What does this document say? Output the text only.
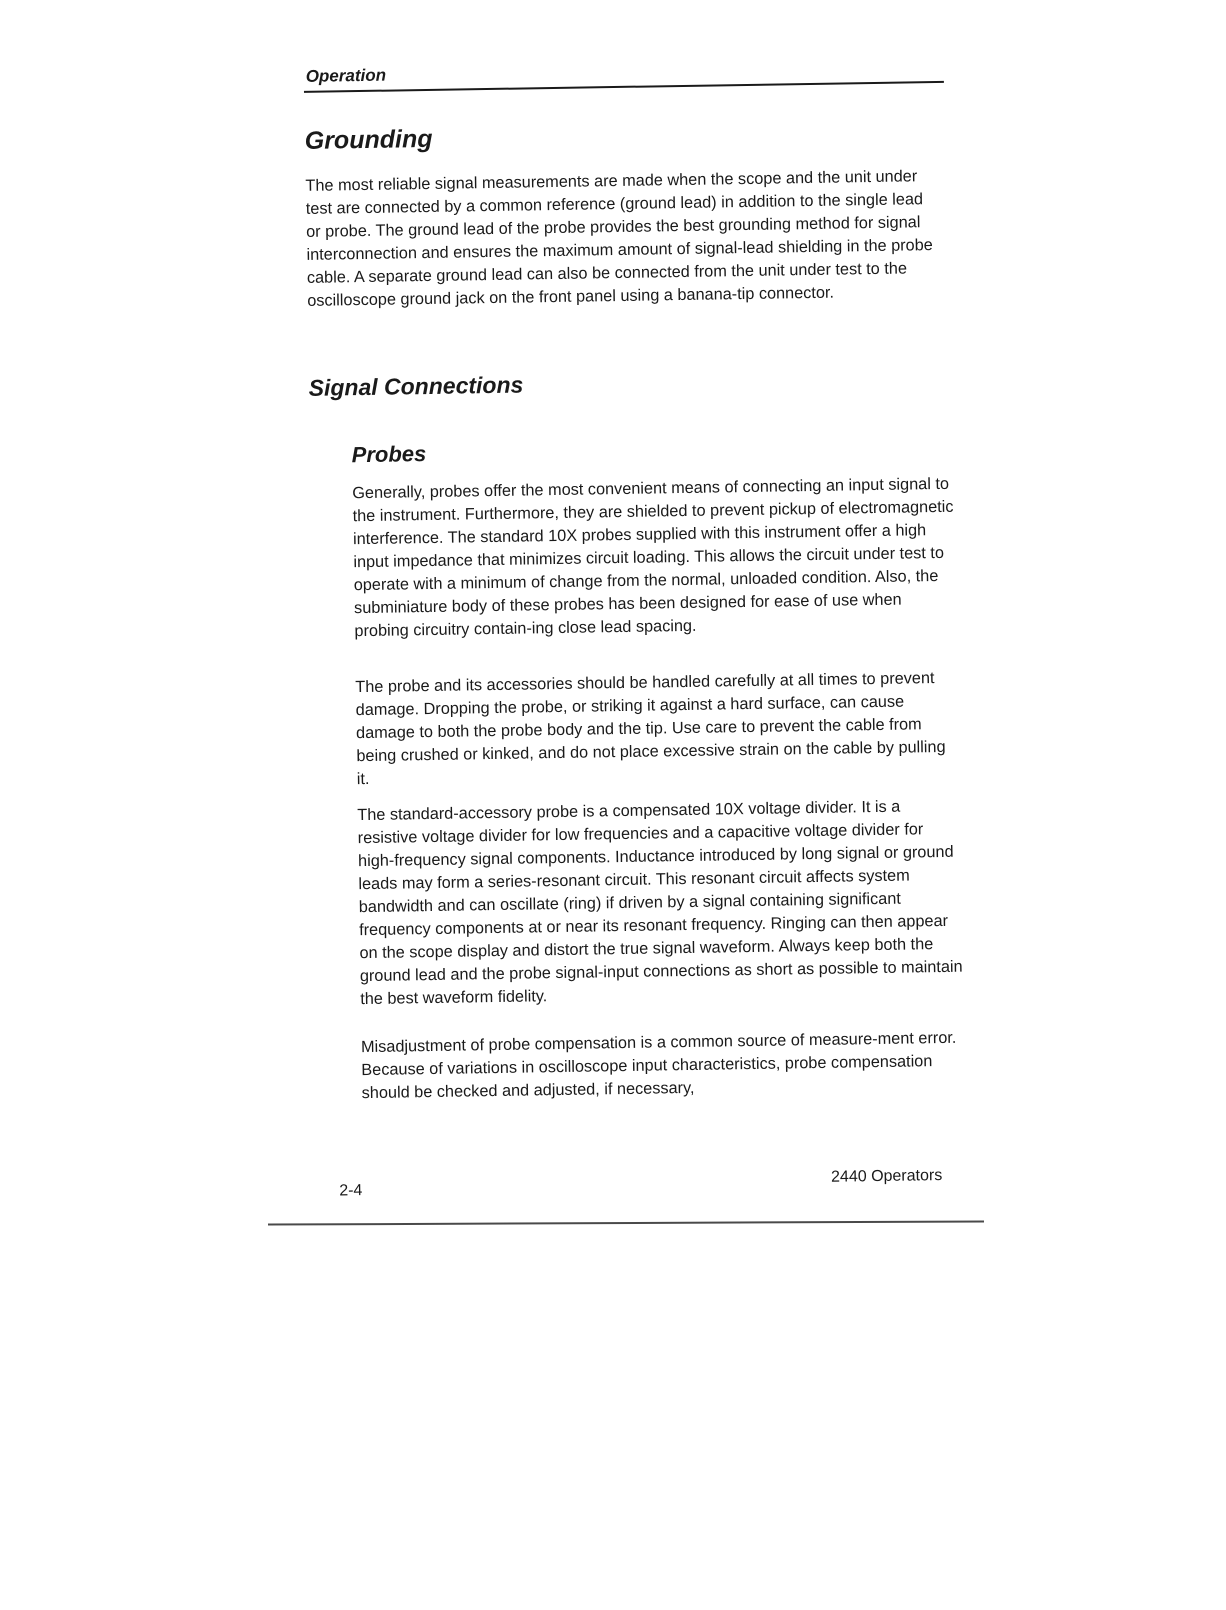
Operation
Grounding

The most reliable signal measurements are made when the scope and the unit under test are connected by a common reference (ground lead) in addition to the single lead or probe. The ground lead of the probe provides the best grounding method for signal interconnection and ensures the maximum amount of signal-lead shielding in the probe cable. A separate ground lead can also be connected from the unit under test to the oscilloscope ground jack on the front panel using a banana-tip connector.

Signal Connections
Probes

Generally, probes offer the most convenient means of connecting an input signal to the instrument. Furthermore, they are shielded to prevent pickup of electromagnetic interference. The standard 10X probes supplied with this instrument offer a high input impedance that minimizes circuit loading. This allows the circuit under test to operate with a minimum of change from the normal, unloaded condition. Also, the subminiature body of these probes has been designed for ease of use when probing circuitry contain-ing close lead spacing.

The probe and its accessories should be handled carefully at all times to prevent damage. Dropping the probe, or striking it against a hard surface, can cause damage to both the probe body and the tip. Use care to prevent the cable from being crushed or kinked, and do not place excessive strain on the cable by pulling it.

The standard-accessory probe is a compensated 10X voltage divider. It is a resistive voltage divider for low frequencies and a capacitive voltage divider for high-frequency signal components. Inductance introduced by long signal or ground leads may form a series-resonant circuit. This resonant circuit affects system bandwidth and can oscillate (ring) if driven by a signal containing significant frequency components at or near its resonant frequency. Ringing can then appear on the scope display and distort the true signal waveform. Always keep both the ground lead and the probe signal-input connections as short as possible to maintain the best waveform fidelity.

Misadjustment of probe compensation is a common source of measure-ment error. Because of variations in oscilloscope input characteristics, probe compensation should be checked and adjusted, if necessary,

2-4
2440 Operators
